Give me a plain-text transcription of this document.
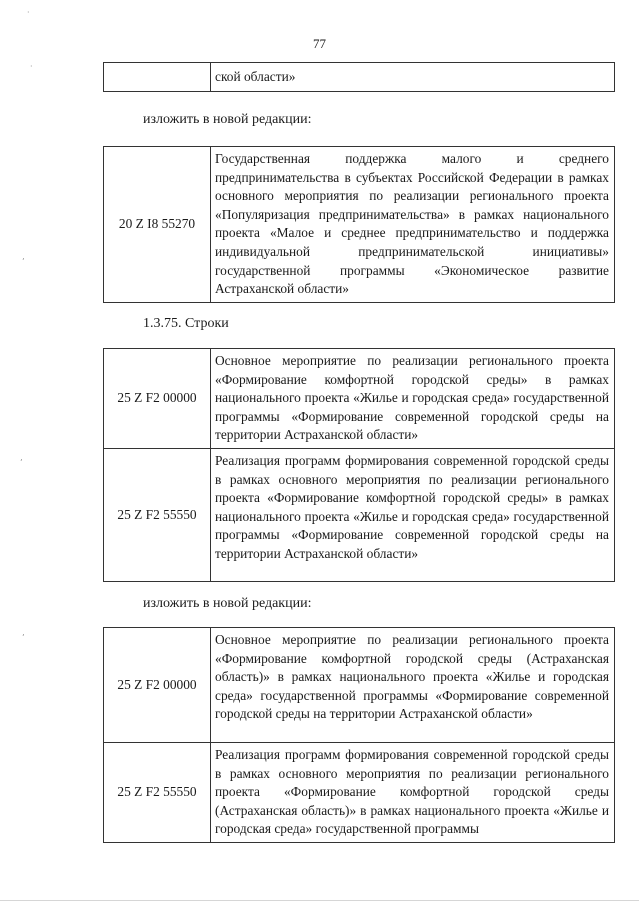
77
	ской области»
изложить в новой редакции:
20 Z I8 55270	Государственная поддержка малого и среднего предпринимательства в субъектах Российской Федерации в рамках основного мероприятия по реализации регионального проекта «Популяризация предпринимательства» в рамках национального проекта «Малое и среднее предпринимательство и поддержка индивидуальной предпринимательской инициативы» государственной программы «Экономическое развитие Астраханской области»
1.3.75. Строки
25 Z F2 00000	Основное мероприятие по реализации регионального проекта «Формирование комфортной городской среды» в рамках национального проекта «Жилье и городская среда» государственной программы «Формирование современной городской среды на территории Астраханской области»
25 Z F2 55550	Реализация программ формирования современной городской среды в рамках основного мероприятия по реализации регионального проекта «Формирование комфортной городской среды» в рамках национального проекта «Жилье и городская среда» государственной программы «Формирование современной городской среды на территории Астраханской области»
изложить в новой редакции:
25 Z F2 00000	Основное мероприятие по реализации регионального проекта «Формирование комфортной городской среды (Астраханская область)» в рамках национального проекта «Жилье и городская среда» государственной программы «Формирование современной городской среды на территории Астраханской области»
25 Z F2 55550	Реализация программ формирования современной городской среды в рамках основного мероприятия по реализации регионального проекта «Формирование комфортной городской среды (Астраханская область)» в рамках национального проекта «Жилье и городская среда» государственной программы
·
·
ʼ
ʼ
ʼ
